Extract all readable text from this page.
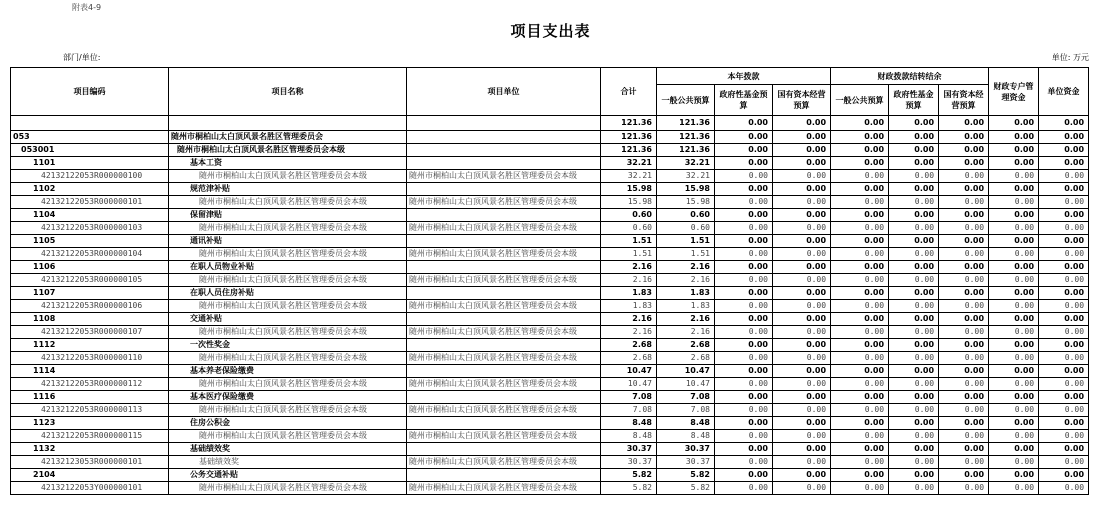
附表4-9
项目支出表
部门/单位:	单位: 万元
项目编码	项目名称	项目单位	合计	本年拨款			财政拨款结转结余			财政专户管理资金	单位资金
				一般公共预算	政府性基金预算	国有资本经营预算	一般公共预算	政府性基金预算	国有资本经营预算		
			121.36	121.36	0.00	0.00	0.00	0.00	0.00	0.00	0.00
053	随州市桐柏山太白顶风景名胜区管理委员会		121.36	121.36	0.00	0.00	0.00	0.00	0.00	0.00	0.00
053001	随州市桐柏山太白顶风景名胜区管理委员会本级		121.36	121.36	0.00	0.00	0.00	0.00	0.00	0.00	0.00
1101	基本工资		32.21	32.21	0.00	0.00	0.00	0.00	0.00	0.00	0.00
42132122053R000000100	随州市桐柏山太白顶风景名胜区管理委员会本级	随州市桐柏山太白顶风景名胜区管理委员会本级	32.21	32.21	0.00	0.00	0.00	0.00	0.00	0.00	0.00
1102	规范津补贴		15.98	15.98	0.00	0.00	0.00	0.00	0.00	0.00	0.00
42132122053R000000101	随州市桐柏山太白顶风景名胜区管理委员会本级	随州市桐柏山太白顶风景名胜区管理委员会本级	15.98	15.98	0.00	0.00	0.00	0.00	0.00	0.00	0.00
1104	保留津贴		0.60	0.60	0.00	0.00	0.00	0.00	0.00	0.00	0.00
42132122053R000000103	随州市桐柏山太白顶风景名胜区管理委员会本级	随州市桐柏山太白顶风景名胜区管理委员会本级	0.60	0.60	0.00	0.00	0.00	0.00	0.00	0.00	0.00
1105	通讯补贴		1.51	1.51	0.00	0.00	0.00	0.00	0.00	0.00	0.00
42132122053R000000104	随州市桐柏山太白顶风景名胜区管理委员会本级	随州市桐柏山太白顶风景名胜区管理委员会本级	1.51	1.51	0.00	0.00	0.00	0.00	0.00	0.00	0.00
1106	在职人员物业补贴		2.16	2.16	0.00	0.00	0.00	0.00	0.00	0.00	0.00
42132122053R000000105	随州市桐柏山太白顶风景名胜区管理委员会本级	随州市桐柏山太白顶风景名胜区管理委员会本级	2.16	2.16	0.00	0.00	0.00	0.00	0.00	0.00	0.00
1107	在职人员住房补贴		1.83	1.83	0.00	0.00	0.00	0.00	0.00	0.00	0.00
42132122053R000000106	随州市桐柏山太白顶风景名胜区管理委员会本级	随州市桐柏山太白顶风景名胜区管理委员会本级	1.83	1.83	0.00	0.00	0.00	0.00	0.00	0.00	0.00
1108	交通补贴		2.16	2.16	0.00	0.00	0.00	0.00	0.00	0.00	0.00
42132122053R000000107	随州市桐柏山太白顶风景名胜区管理委员会本级	随州市桐柏山太白顶风景名胜区管理委员会本级	2.16	2.16	0.00	0.00	0.00	0.00	0.00	0.00	0.00
1112	一次性奖金		2.68	2.68	0.00	0.00	0.00	0.00	0.00	0.00	0.00
42132122053R000000110	随州市桐柏山太白顶风景名胜区管理委员会本级	随州市桐柏山太白顶风景名胜区管理委员会本级	2.68	2.68	0.00	0.00	0.00	0.00	0.00	0.00	0.00
1114	基本养老保险缴费		10.47	10.47	0.00	0.00	0.00	0.00	0.00	0.00	0.00
42132122053R000000112	随州市桐柏山太白顶风景名胜区管理委员会本级	随州市桐柏山太白顶风景名胜区管理委员会本级	10.47	10.47	0.00	0.00	0.00	0.00	0.00	0.00	0.00
1116	基本医疗保险缴费		7.08	7.08	0.00	0.00	0.00	0.00	0.00	0.00	0.00
42132122053R000000113	随州市桐柏山太白顶风景名胜区管理委员会本级	随州市桐柏山太白顶风景名胜区管理委员会本级	7.08	7.08	0.00	0.00	0.00	0.00	0.00	0.00	0.00
1123	住房公积金		8.48	8.48	0.00	0.00	0.00	0.00	0.00	0.00	0.00
42132122053R000000115	随州市桐柏山太白顶风景名胜区管理委员会本级	随州市桐柏山太白顶风景名胜区管理委员会本级	8.48	8.48	0.00	0.00	0.00	0.00	0.00	0.00	0.00
1132	基础绩效奖		30.37	30.37	0.00	0.00	0.00	0.00	0.00	0.00	0.00
42132123053R000000101	基础绩效奖	随州市桐柏山太白顶风景名胜区管理委员会本级	30.37	30.37	0.00	0.00	0.00	0.00	0.00	0.00	0.00
2104	公务交通补贴		5.82	5.82	0.00	0.00	0.00	0.00	0.00	0.00	0.00
42132122053Y000000101	随州市桐柏山太白顶风景名胜区管理委员会本级	随州市桐柏山太白顶风景名胜区管理委员会本级	5.82	5.82	0.00	0.00	0.00	0.00	0.00	0.00	0.00
